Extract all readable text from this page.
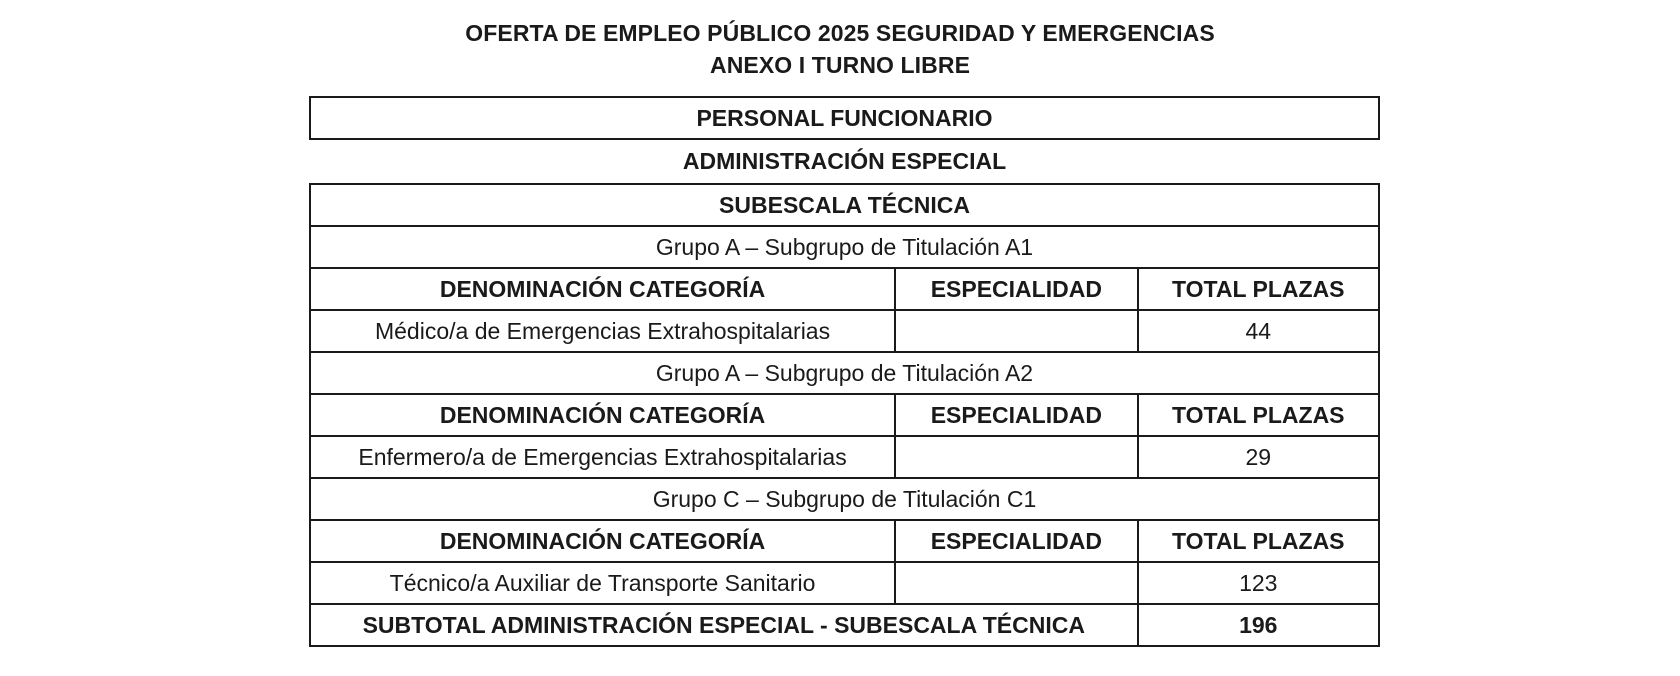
OFERTA DE EMPLEO PÚBLICO 2025 SEGURIDAD Y EMERGENCIAS
ANEXO I TURNO LIBRE
PERSONAL FUNCIONARIO
ADMINISTRACIÓN ESPECIAL
SUBESCALA TÉCNICA		
Grupo A – Subgrupo de Titulación A1		
DENOMINACIÓN CATEGORÍA	ESPECIALIDAD	TOTAL PLAZAS
Médico/a de Emergencias Extrahospitalarias		44
Grupo A – Subgrupo de Titulación A2		
DENOMINACIÓN CATEGORÍA	ESPECIALIDAD	TOTAL PLAZAS
Enfermero/a de Emergencias Extrahospitalarias		29
Grupo C – Subgrupo de Titulación C1		
DENOMINACIÓN CATEGORÍA	ESPECIALIDAD	TOTAL PLAZAS
Técnico/a Auxiliar de Transporte Sanitario		123
SUBTOTAL ADMINISTRACIÓN ESPECIAL - SUBESCALA TÉCNICA		196
